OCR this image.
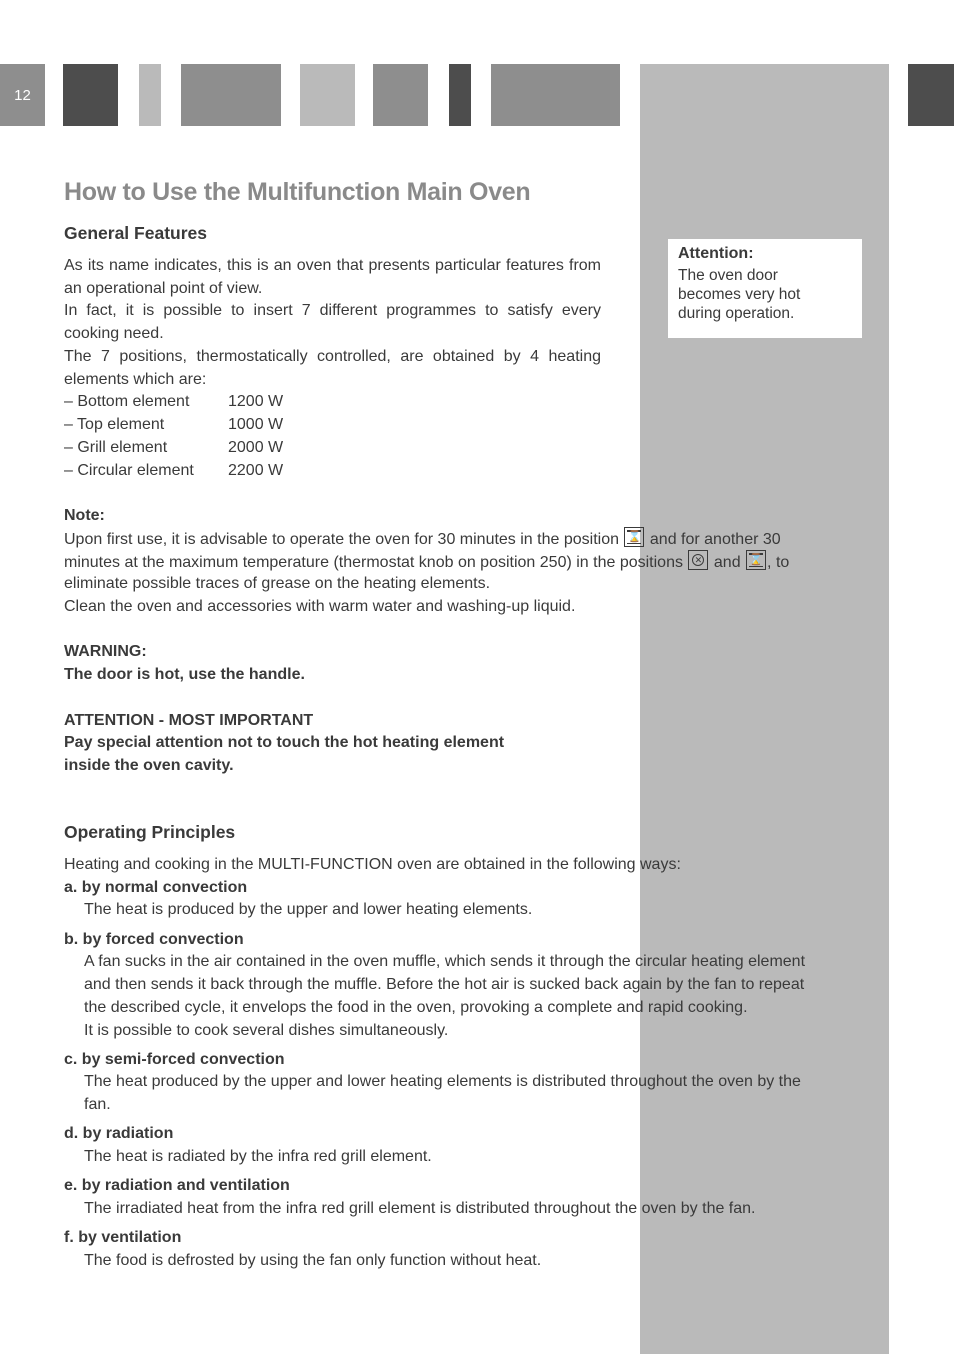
12
Attention:
The oven door
becomes very hot
during operation.
How to Use the Multifunction Main Oven
General Features
As its name indicates, this is an oven that presents particular features from an operational point of view.
In fact, it is possible to insert 7 different programmes to satisfy every cooking need.
The 7 positions, thermostatically controlled, are obtained by 4 heating elements which are:
– Bottom element	1200 W
– Top element	1000 W
– Grill element	2000 W
– Circular element	2200 W
Note:
Upon first use, it is advisable to operate the oven for 30 minutes in the position ⌛ and for another 30
minutes at the maximum temperature (thermostat knob on position 250) in the positions	✕ and ⌛ , to
eliminate possible traces of grease on the heating elements.
Clean the oven and accessories with warm water and washing-up liquid.
WARNING:
The door is hot, use the handle.
ATTENTION - MOST IMPORTANT
Pay special attention not to touch the hot heating element
inside the oven cavity.
Operating Principles
Heating and cooking in the MULTI-FUNCTION oven are obtained in the following ways:
a. by normal convection
The heat is produced by the upper and lower heating elements.
b. by forced convection
A fan sucks in the air contained in the oven muffle, which sends it through the circular heating element
and then sends it back through the muffle. Before the hot air is sucked back again by the fan to repeat
the described cycle, it envelops the food in the oven, provoking a complete and rapid cooking.
It is possible to cook several dishes simultaneously.
c. by semi-forced convection
The heat produced by the upper and lower heating elements is distributed throughout the oven by the
fan.
d. by radiation
The heat is radiated by the infra red grill element.
e. by radiation and ventilation
The irradiated heat from the infra red grill element is distributed throughout the oven by the fan.
f. by ventilation
The food is defrosted by using the fan only function without heat.
